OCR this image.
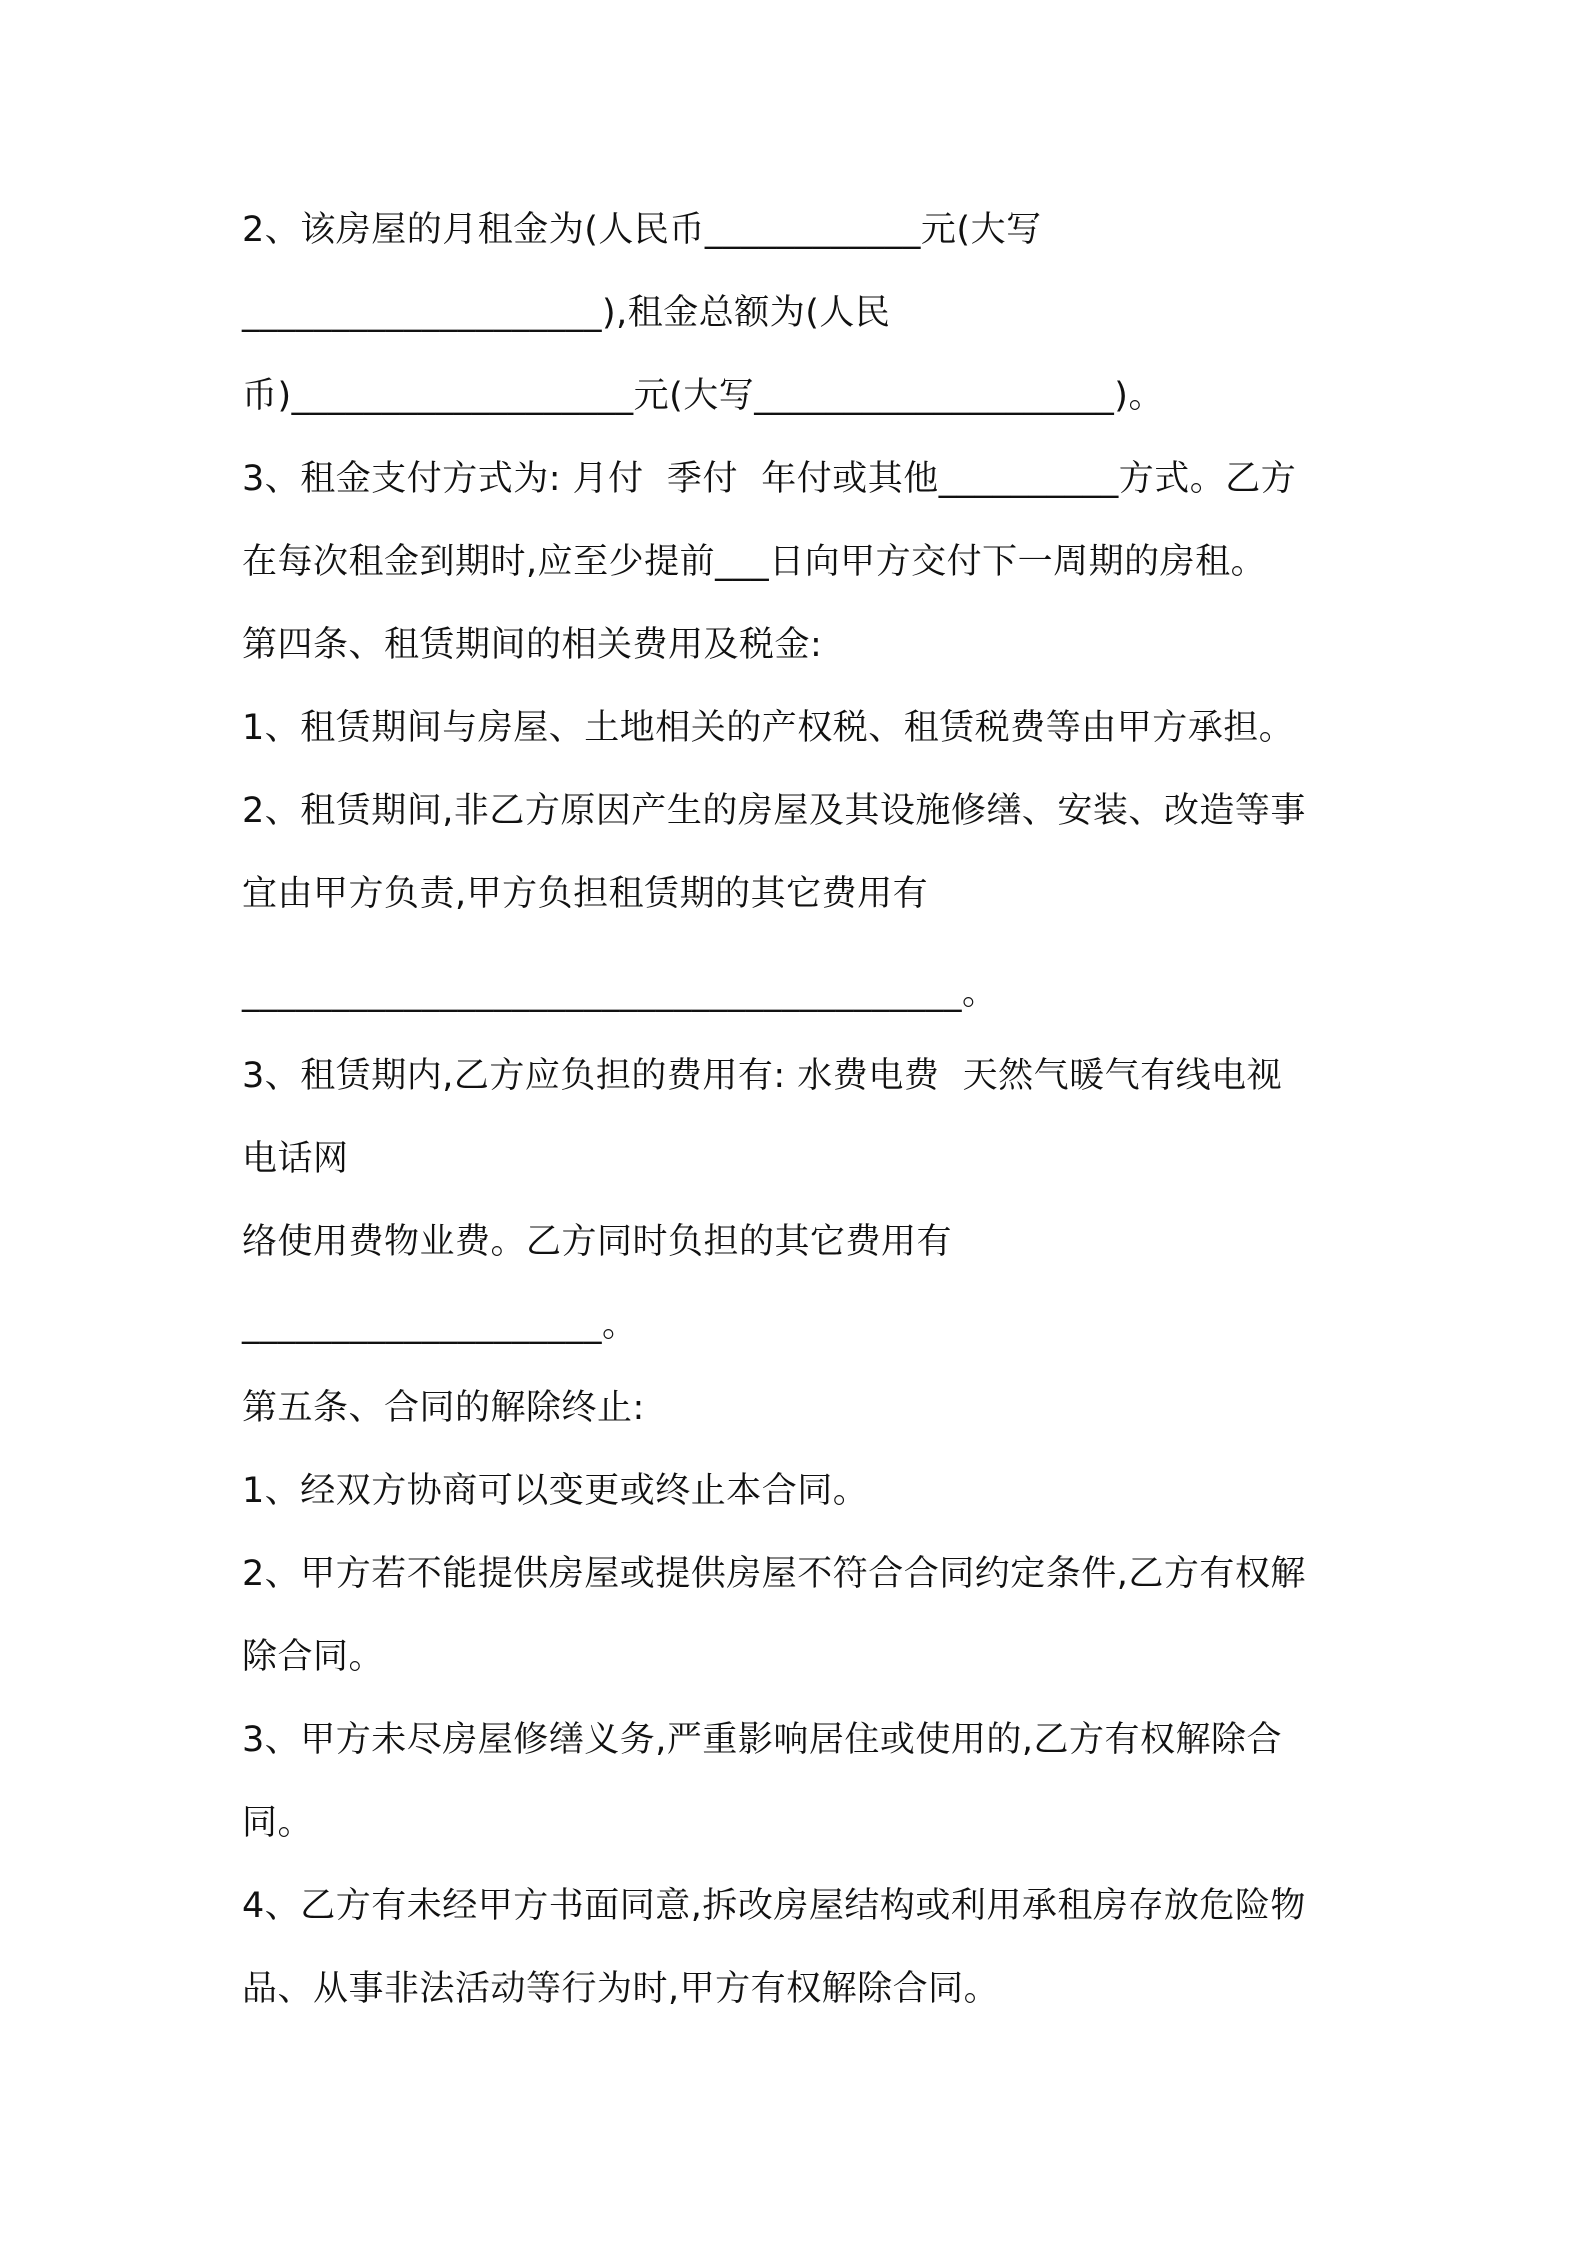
2、该房屋的月租金为(人民币____________元(大写
____________________),租金总额为(人民
币)___________________元(大写____________________)。
3、租金支付方式为: 月付  季付  年付或其他__________方式。乙方
在每次租金到期时,应至少提前___日向甲方交付下一周期的房租。
第四条、租赁期间的相关费用及税金:
1、租赁期间与房屋、土地相关的产权税、租赁税费等由甲方承担。
2、租赁期间,非乙方原因产生的房屋及其设施修缮、安装、改造等事
宜由甲方负责,甲方负担租赁期的其它费用有
________________________________________。
3、租赁期内,乙方应负担的费用有: 水费电费  天然气暖气有线电视
电话网
络使用费物业费。乙方同时负担的其它费用有
____________________。
第五条、合同的解除终止:
1、经双方协商可以变更或终止本合同。
2、甲方若不能提供房屋或提供房屋不符合合同约定条件,乙方有权解
除合同。
3、甲方未尽房屋修缮义务,严重影响居住或使用的,乙方有权解除合
同。
4、乙方有未经甲方书面同意,拆改房屋结构或利用承租房存放危险物
品、从事非法活动等行为时,甲方有权解除合同。
